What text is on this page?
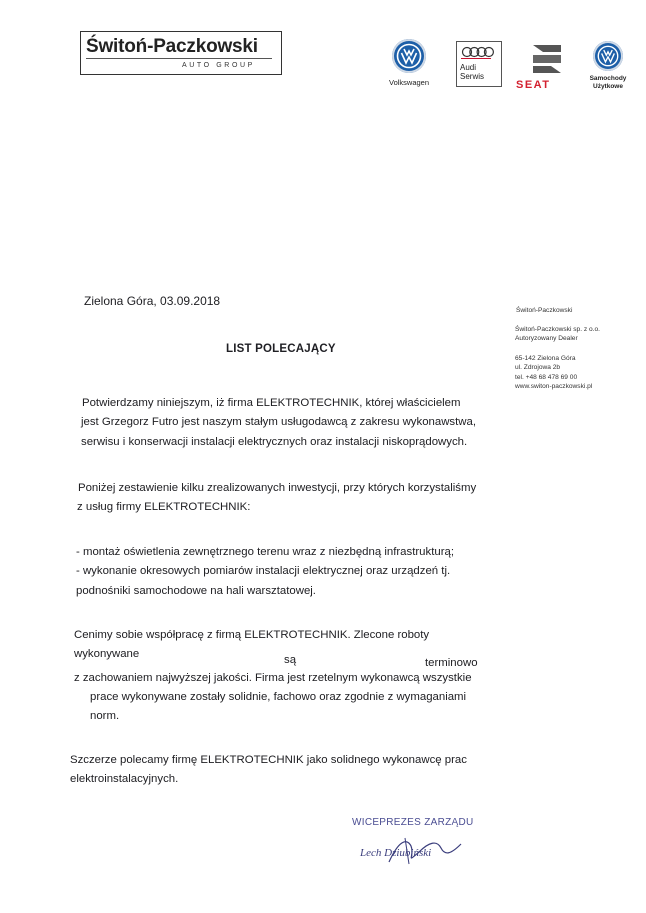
Świtoń-Paczkowski
AUTO GROUP
Volkswagen
Audi
Serwis
SEAT
Samochody
Użytkowe
Zielona Góra, 03.09.2018
LIST POLECAJĄCY
Potwierdzamy niniejszym, iż firma ELEKTROTECHNIK, której właścicielem
jest Grzegorz Futro jest naszym stałym usługodawcą z zakresu wykonawstwa,
serwisu i konserwacji instalacji elektrycznych oraz instalacji niskoprądowych.
Poniżej zestawienie kilku zrealizowanych inwestycji, przy których korzystaliśmy
z usług firmy ELEKTROTECHNIK:
- montaż oświetlenia zewnętrznego terenu wraz z niezbędną infrastrukturą;
- wykonanie okresowych pomiarów instalacji elektrycznej oraz urządzeń tj.
podnośniki samochodowe na hali warsztatowej.
Cenimy sobie współpracę z firmą ELEKTROTECHNIK. Zlecone roboty
wykonywane	są	terminowo
z zachowaniem najwyższej jakości. Firma jest rzetelnym wykonawcą wszystkie
prace wykonywane zostały solidnie, fachowo oraz zgodnie z wymaganiami
norm.
Szczerze polecamy firmę ELEKTROTECHNIK jako solidnego wykonawcę prac
elektroinstalacyjnych.
Świtoń-Paczkowski
Świtoń-Paczkowski sp. z o.o.
Autoryzowany Dealer
65-142 Zielona Góra
ul. Zdrojowa 2b
tel. +48 68 478 69 00
www.switon-paczkowski.pl
WICEPREZES ZARZĄDU
Lech Dziubiński
